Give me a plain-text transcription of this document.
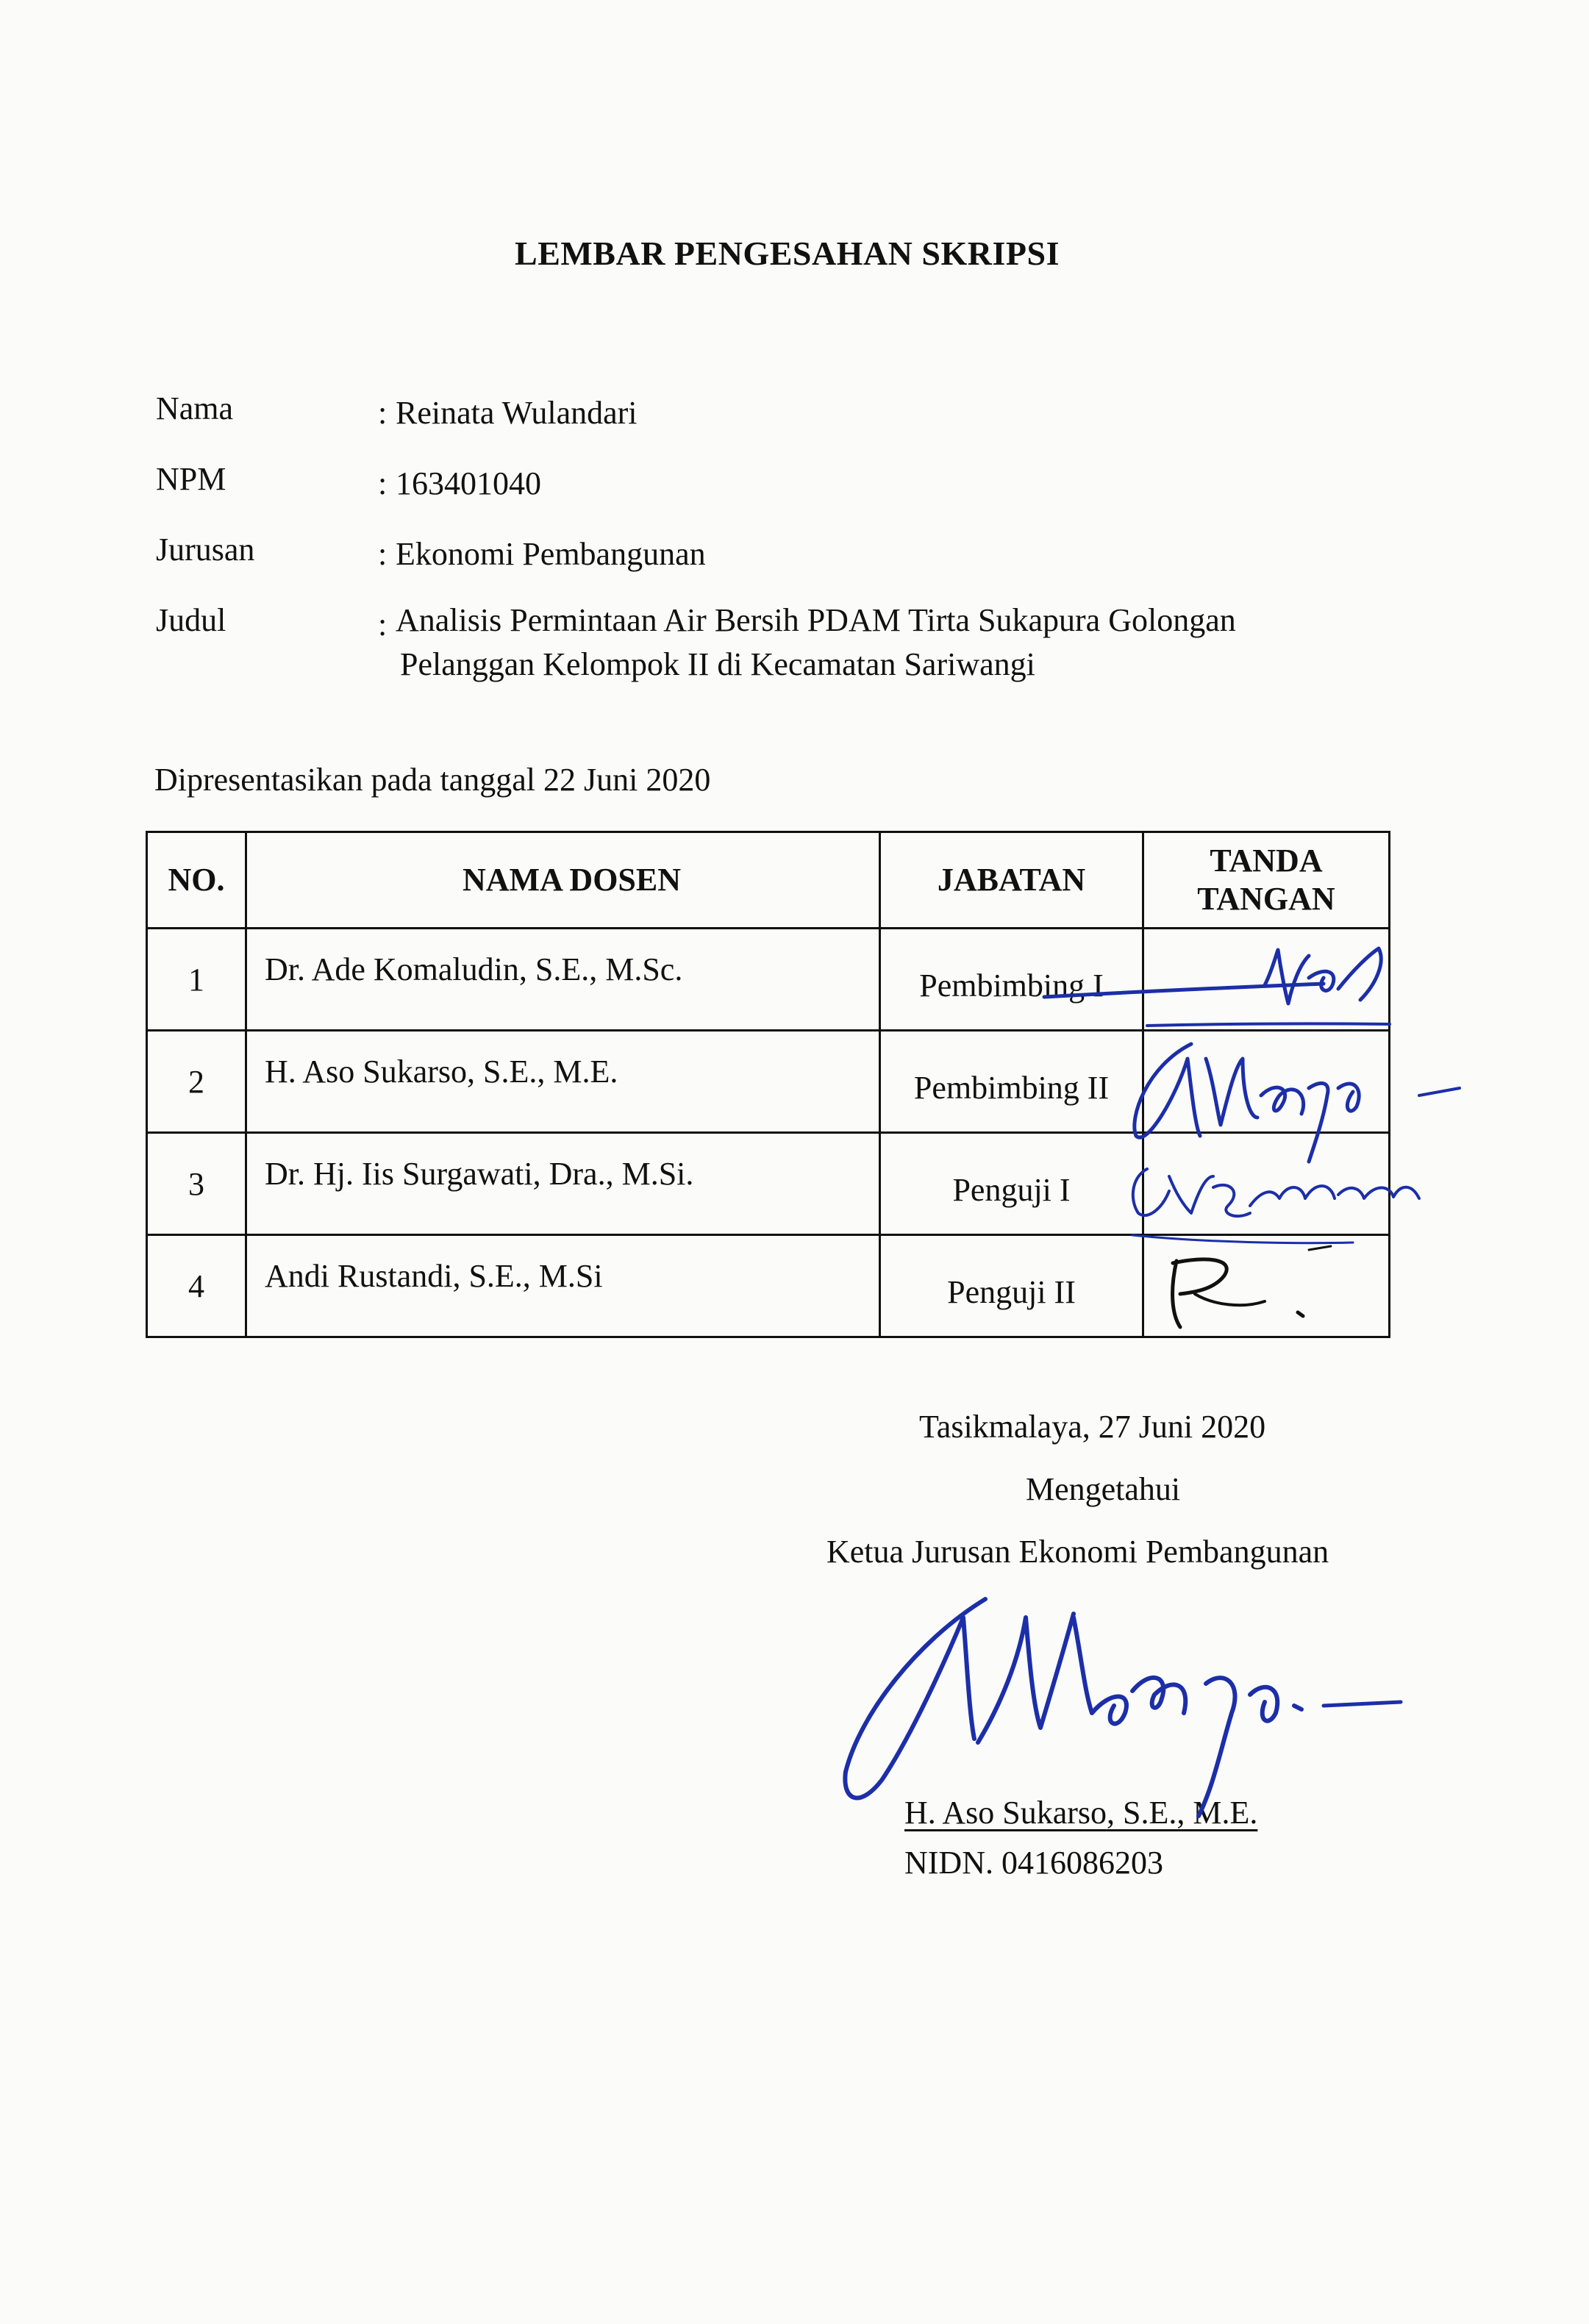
LEMBAR PENGESAHAN SKRIPSI
Nama	: Reinata Wulandari
NPM	: 163401040
Jurusan	: Ekonomi Pembangunan
Judul	: Analisis Permintaan Air Bersih PDAM Tirta Sukapura Golongan
Pelanggan Kelompok II di Kecamatan Sariwangi
Dipresentasikan pada tanggal 22 Juni 2020
NO.	NAMA DOSEN	JABATAN	TANDA
TANGAN
1	Dr. Ade Komaludin, S.E., M.Sc.	Pembimbing I	
2	H. Aso Sukarso, S.E., M.E.	Pembimbing II	
3	Dr. Hj. Iis Surgawati, Dra., M.Si.	Penguji I	
4	Andi Rustandi, S.E., M.Si	Penguji II	
Tasikmalaya, 27 Juni 2020
Mengetahui
Ketua Jurusan Ekonomi Pembangunan
H. Aso Sukarso, S.E., M.E.
NIDN. 0416086203
